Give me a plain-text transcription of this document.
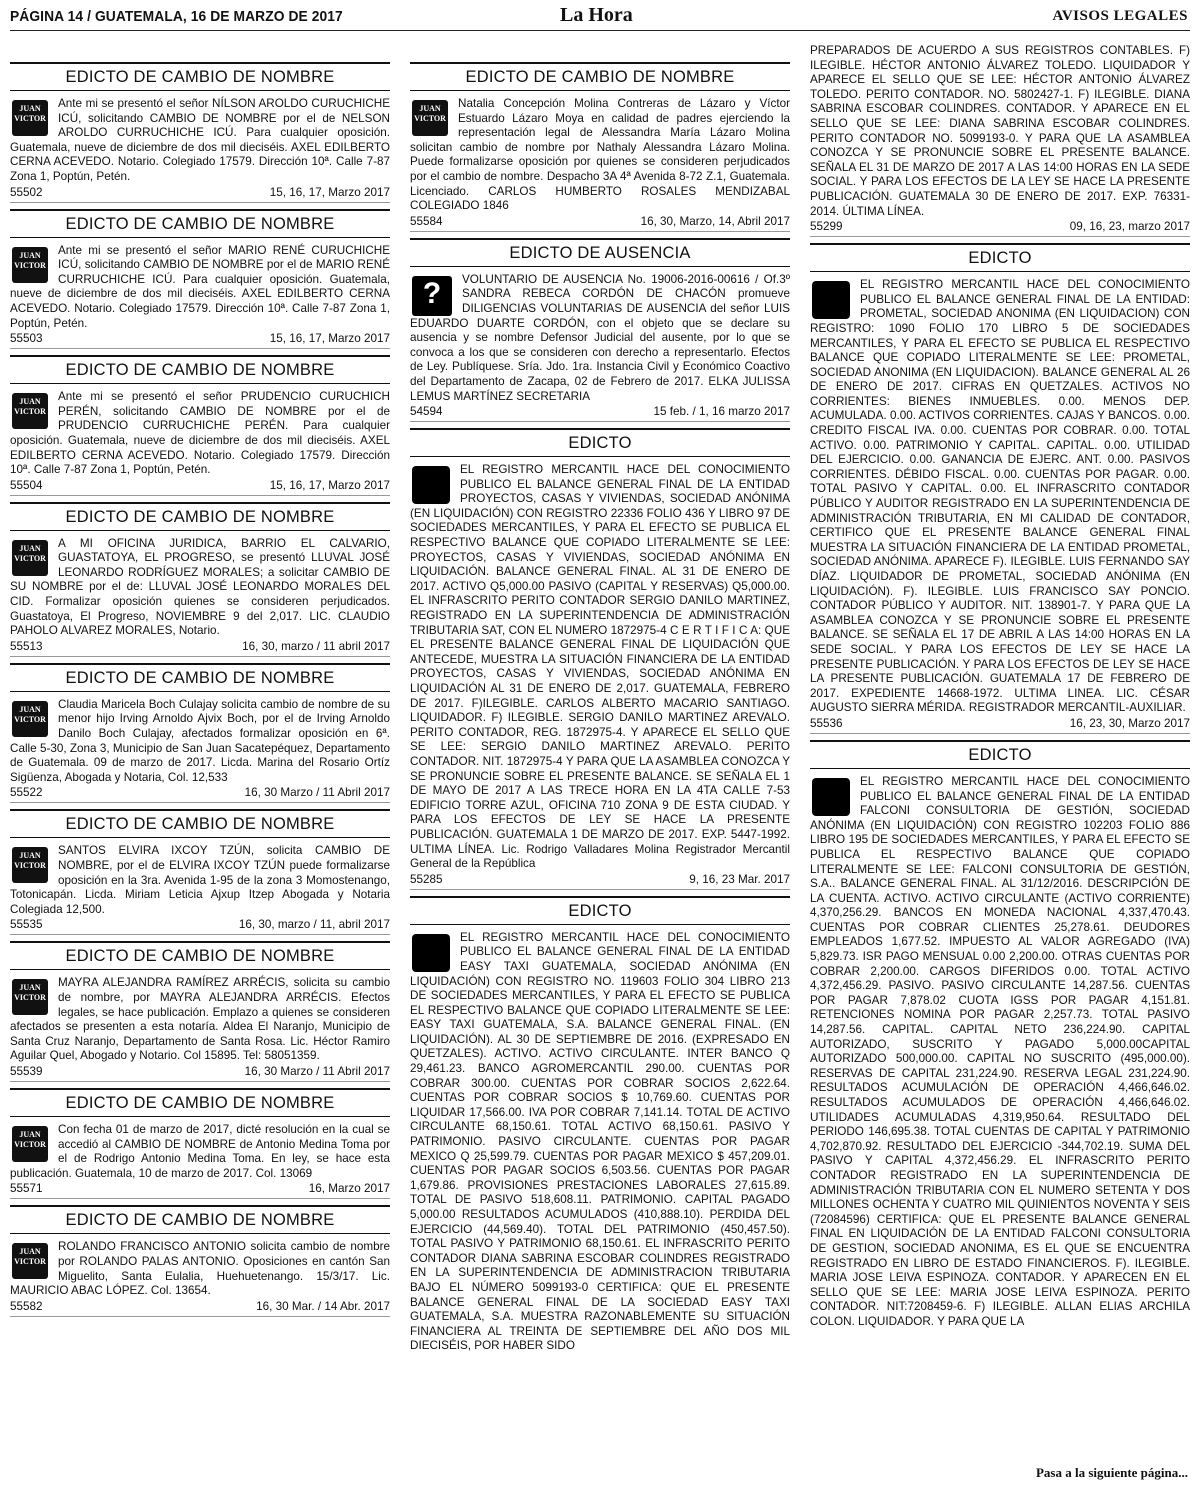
PÁGINA 14 / GUATEMALA, 16 DE MARZO DE 2017	La Hora	AVISOS LEGALES
EDICTO DE CAMBIO DE NOMBRE
JUAN
VICTOR
Ante mi se presentó el señor NÍLSON AROLDO CURUCHICHE ICÚ, solicitando CAMBIO DE NOMBRE por el de NELSON AROLDO CURRUCHICHE ICÚ. Para cualquier oposición. Guatemala, nueve de diciembre de dos mil dieciséis. AXEL EDILBERTO CERNA ACEVEDO. Notario. Colegiado 17579. Dirección 10ª. Calle 7-87 Zona 1, Poptún, Petén.
55502	15, 16, 17, Marzo 2017
EDICTO DE CAMBIO DE NOMBRE
JUAN
VICTOR
Ante mi se presentó el señor MARIO RENÉ CURUCHICHE ICÚ, solicitando CAMBIO DE NOMBRE por el de MARIO RENÉ CURRUCHICHE ICÚ. Para cualquier oposición. Guatemala, nueve de diciembre de dos mil dieciséis. AXEL EDILBERTO CERNA ACEVEDO. Notario. Colegiado 17579. Dirección 10ª. Calle 7-87 Zona 1, Poptún, Petén.
55503	15, 16, 17, Marzo 2017
EDICTO DE CAMBIO DE NOMBRE
JUAN
VICTOR
Ante mi se presentó el señor PRUDENCIO CURUCHICH PERÉN, solicitando CAMBIO DE NOMBRE por el de PRUDENCIO CURRUCHICHE PERÉN. Para cualquier oposición. Guatemala, nueve de diciembre de dos mil dieciséis. AXEL EDILBERTO CERNA ACEVEDO. Notario. Colegiado 17579. Dirección 10ª. Calle 7-87 Zona 1, Poptún, Petén.
55504	15, 16, 17, Marzo 2017
EDICTO DE CAMBIO DE NOMBRE
JUAN
VICTOR
A MI OFICINA JURIDICA, BARRIO EL CALVARIO, GUASTATOYA, EL PROGRESO, se presentó LLUVAL JOSÉ LEONARDO RODRÍGUEZ MORALES; a solicitar CAMBIO DE SU NOMBRE por el de: LLUVAL JOSÉ LEONARDO MORALES DEL CID. Formalizar oposición quienes se consideren perjudicados. Guastatoya, El Progreso, NOVIEMBRE 9 del 2,017. LIC. CLAUDIO PAHOLO ALVAREZ MORALES, Notario.
55513	16, 30, marzo / 11 abril 2017
EDICTO DE CAMBIO DE NOMBRE
JUAN
VICTOR
Claudia Maricela Boch Culajay solicita cambio de nombre de su menor hijo Irving Arnoldo Ajvix Boch, por el de Irving Arnoldo Danilo Boch Culajay, afectados formalizar oposición en 6ª. Calle 5-30, Zona 3, Municipio de San Juan Sacatepéquez, Departamento de Guatemala. 09 de marzo de 2017. Licda. Marina del Rosario Ortíz Sigüenza, Abogada y Notaria, Col. 12,533
55522	16, 30 Marzo / 11 Abril 2017
EDICTO DE CAMBIO DE NOMBRE
JUAN
VICTOR
SANTOS ELVIRA IXCOY TZÚN, solicita CAMBIO DE NOMBRE, por el de ELVIRA IXCOY TZÚN puede formalizarse oposición en la 3ra. Avenida 1-95 de la zona 3 Momostenango, Totonicapán. Licda. Miriam Leticia Ajxup Itzep Abogada y Notaria Colegiada 12,500.
55535	16, 30, marzo / 11, abril 2017
EDICTO DE CAMBIO DE NOMBRE
JUAN
VICTOR
MAYRA ALEJANDRA RAMÍREZ ARRÉCIS, solicita su cambio de nombre, por MAYRA ALEJANDRA ARRÉCIS. Efectos legales, se hace publicación. Emplazo a quienes se consideren afectados se presenten a esta notaría. Aldea El Naranjo, Municipio de Santa Cruz Naranjo, Departamento de Santa Rosa. Lic. Héctor Ramiro Aguilar Quel, Abogado y Notario. Col 15895. Tel: 58051359.
55539	16, 30 Marzo / 11 Abril 2017
EDICTO DE CAMBIO DE NOMBRE
JUAN
VICTOR
Con fecha 01 de marzo de 2017, dicté resolución en la cual se accedió al CAMBIO DE NOMBRE de Antonio Medina Toma por el de Rodrigo Antonio Medina Toma. En ley, se hace esta publicación. Guatemala, 10 de marzo de 2017. Col. 13069
55571	16, Marzo 2017
EDICTO DE CAMBIO DE NOMBRE
JUAN
VICTOR
ROLANDO FRANCISCO ANTONIO solicita cambio de nombre por ROLANDO PALAS ANTONIO. Oposiciones en cantón San Miguelito, Santa Eulalia, Huehuetenango. 15/3/17. Lic. MAURICIO ABAC LÓPEZ. Col. 13654.
55582	16, 30 Mar. / 14 Abr. 2017
EDICTO DE CAMBIO DE NOMBRE
JUAN
VICTOR
Natalia Concepción Molina Contreras de Lázaro y Víctor Estuardo Lázaro Moya en calidad de padres ejerciendo la representación legal de Alessandra María Lázaro Molina solicitan cambio de nombre por Nathaly Alessandra Lázaro Molina. Puede formalizarse oposición por quienes se consideren perjudicados por el cambio de nombre. Despacho 3A 4ª Avenida 8-72 Z.1, Guatemala. Licenciado. CARLOS HUMBERTO ROSALES MENDIZABAL COLEGIADO 1846
55584	16, 30, Marzo, 14, Abril 2017
EDICTO DE AUSENCIA
?	VOLUNTARIO DE AUSENCIA No. 19006-2016-00616 / Of.3º SANDRA REBECA CORDÓN DE CHACÓN promueve DILIGENCIAS VOLUNTARIAS DE AUSENCIA del señor LUIS EDUARDO DUARTE CORDÓN, con el objeto que se declare su ausencia y se nombre Defensor Judicial del ausente, por lo que se convoca a los que se consideren con derecho a representarlo. Efectos de Ley. Publíquese. Sría. Jdo. 1ra. Instancia Civil y Económico Coactivo del Departamento de Zacapa, 02 de Febrero de 2017. ELKA JULISSA LEMUS MARTÍNEZ SECRETARIA
54594	15 feb. / 1, 16 marzo 2017
EDICTO
EL REGISTRO MERCANTIL HACE DEL CONOCIMIENTO PUBLICO EL BALANCE GENERAL FINAL DE LA ENTIDAD PROYECTOS, CASAS Y VIVIENDAS, SOCIEDAD ANÓNIMA (EN LIQUIDACIÓN) CON REGISTRO 22336 FOLIO 436 Y LIBRO 97 DE SOCIEDADES MERCANTILES, Y PARA EL EFECTO SE PUBLICA EL RESPECTIVO BALANCE QUE COPIADO LITERALMENTE SE LEE: PROYECTOS, CASAS Y VIVIENDAS, SOCIEDAD ANÓNIMA EN LIQUIDACIÓN. BALANCE GENERAL FINAL. AL 31 DE ENERO DE 2017. ACTIVO Q5,000.00 PASIVO (CAPITAL Y RESERVAS) Q5,000.00. EL INFRASCRITO PERITO CONTADOR SERGIO DANILO MARTINEZ, REGISTRADO EN LA SUPERINTENDENCIA DE ADMINISTRACIÓN TRIBUTARIA SAT, CON EL NUMERO 1872975-4 C E R T I F I C A: QUE EL PRESENTE BALANCE GENERAL FINAL DE LIQUIDACIÓN QUE ANTECEDE, MUESTRA LA SITUACIÓN FINANCIERA DE LA ENTIDAD PROYECTOS, CASAS Y VIVIENDAS, SOCIEDAD ANÓNIMA EN LIQUIDACIÓN AL 31 DE ENERO DE 2,017. GUATEMALA, FEBRERO DE 2017. F)ILEGIBLE. CARLOS ALBERTO MACARIO SANTIAGO. LIQUIDADOR. F) ILEGIBLE. SERGIO DANILO MARTINEZ AREVALO. PERITO CONTADOR, REG. 1872975-4. Y APARECE EL SELLO QUE SE LEE: SERGIO DANILO MARTINEZ AREVALO. PERITO CONTADOR. NIT. 1872975-4 Y PARA QUE LA ASAMBLEA CONOZCA Y SE PRONUNCIE SOBRE EL PRESENTE BALANCE. SE SEÑALA EL 1 DE MAYO DE 2017 A LAS TRECE HORA EN LA 4TA CALLE 7-53 EDIFICIO TORRE AZUL, OFICINA 710 ZONA 9 DE ESTA CIUDAD. Y PARA LOS EFECTOS DE LEY SE HACE LA PRESENTE PUBLICACIÓN. GUATEMALA 1 DE MARZO DE 2017. EXP. 5447-1992. ULTIMA LÍNEA. Lic. Rodrigo Valladares Molina Registrador Mercantil General de la República
55285	9, 16, 23 Mar. 2017
EDICTO
EL REGISTRO MERCANTIL HACE DEL CONOCIMIENTO PUBLICO EL BALANCE GENERAL FINAL DE LA ENTIDAD EASY TAXI GUATEMALA, SOCIEDAD ANÓNIMA (EN LIQUIDACIÓN) CON REGISTRO NO. 119603 FOLIO 304 LIBRO 213 DE SOCIEDADES MERCANTILES, Y PARA EL EFECTO SE PUBLICA EL RESPECTIVO BALANCE QUE COPIADO LITERALMENTE SE LEE: EASY TAXI GUATEMALA, S.A. BALANCE GENERAL FINAL. (EN LIQUIDACIÓN). AL 30 DE SEPTIEMBRE DE 2016. (EXPRESADO EN QUETZALES). ACTIVO. ACTIVO CIRCULANTE. INTER BANCO Q 29,461.23. BANCO AGROMERCANTIL 290.00. CUENTAS POR COBRAR 300.00. CUENTAS POR COBRAR SOCIOS 2,622.64. CUENTAS POR COBRAR SOCIOS $ 10,769.60. CUENTAS POR LIQUIDAR 17,566.00. IVA POR COBRAR 7,141.14. TOTAL DE ACTIVO CIRCULANTE 68,150.61. TOTAL ACTIVO 68,150.61. PASIVO Y PATRIMONIO. PASIVO CIRCULANTE. CUENTAS POR PAGAR MEXICO Q 25,599.79. CUENTAS POR PAGAR MEXICO $ 457,209.01. CUENTAS POR PAGAR SOCIOS 6,503.56. CUENTAS POR PAGAR 1,679.86. PROVISIONES PRESTACIONES LABORALES 27,615.89. TOTAL DE PASIVO 518,608.11. PATRIMONIO. CAPITAL PAGADO 5,000.00 RESULTADOS ACUMULADOS (410,888.10). PERDIDA DEL EJERCICIO (44,569.40). TOTAL DEL PATRIMONIO (450,457.50). TOTAL PASIVO Y PATRIMONIO 68,150.61. EL INFRASCRITO PERITO CONTADOR DIANA SABRINA ESCOBAR COLINDRES REGISTRADO EN LA SUPERINTENDENCIA DE ADMINISTRACION TRIBUTARIA BAJO EL NÚMERO 5099193-0 CERTIFICA: QUE EL PRESENTE BALANCE GENERAL FINAL DE LA SOCIEDAD EASY TAXI GUATEMALA, S.A. MUESTRA RAZONABLEMENTE SU SITUACIÓN FINANCIERA AL TREINTA DE SEPTIEMBRE DEL AÑO DOS MIL DIECISÉIS, POR HABER SIDO
PREPARADOS DE ACUERDO A SUS REGISTROS CONTABLES. F) ILEGIBLE. HÉCTOR ANTONIO ÁLVAREZ TOLEDO. LIQUIDADOR Y APARECE EL SELLO QUE SE LEE: HÉCTOR ANTONIO ÁLVAREZ TOLEDO. PERITO CONTADOR. NO. 5802427-1. F) ILEGIBLE. DIANA SABRINA ESCOBAR COLINDRES. CONTADOR. Y APARECE EN EL SELLO QUE SE LEE: DIANA SABRINA ESCOBAR COLINDRES. PERITO CONTADOR NO. 5099193-0. Y PARA QUE LA ASAMBLEA CONOZCA Y SE PRONUNCIE SOBRE EL PRESENTE BALANCE. SEÑALA EL 31 DE MARZO DE 2017 A LAS 14:00 HORAS EN LA SEDE SOCIAL. Y PARA LOS EFECTOS DE LA LEY SE HACE LA PRESENTE PUBLICACIÓN. GUATEMALA 30 DE ENERO DE 2017. EXP. 76331-2014. ÚLTIMA LÍNEA.
55299	09, 16, 23, marzo 2017
EDICTO
EL REGISTRO MERCANTIL HACE DEL CONOCIMIENTO PUBLICO EL BALANCE GENERAL FINAL DE LA ENTIDAD: PROMETAL, SOCIEDAD ANONIMA (EN LIQUIDACION) CON REGISTRO: 1090 FOLIO 170 LIBRO 5 DE SOCIEDADES MERCANTILES, Y PARA EL EFECTO SE PUBLICA EL RESPECTIVO BALANCE QUE COPIADO LITERALMENTE SE LEE: PROMETAL, SOCIEDAD ANONIMA (EN LIQUIDACION). BALANCE GENERAL AL 26 DE ENERO DE 2017. CIFRAS EN QUETZALES. ACTIVOS NO CORRIENTES: BIENES INMUEBLES. 0.00. MENOS DEP. ACUMULADA. 0.00. ACTIVOS CORRIENTES. CAJAS Y BANCOS. 0.00. CREDITO FISCAL IVA. 0.00. CUENTAS POR COBRAR. 0.00. TOTAL ACTIVO. 0.00. PATRIMONIO Y CAPITAL. CAPITAL. 0.00. UTILIDAD DEL EJERCICIO. 0.00. GANANCIA DE EJERC. ANT. 0.00. PASIVOS CORRIENTES. DÉBIDO FISCAL. 0.00. CUENTAS POR PAGAR. 0.00. TOTAL PASIVO Y CAPITAL. 0.00. EL INFRASCRITO CONTADOR PÚBLICO Y AUDITOR REGISTRADO EN LA SUPERINTENDENCIA DE ADMINISTRACIÓN TRIBUTARIA, EN MI CALIDAD DE CONTADOR, CERTIFICO QUE EL PRESENTE BALANCE GENERAL FINAL MUESTRA LA SITUACIÓN FINANCIERA DE LA ENTIDAD PROMETAL, SOCIEDAD ANÓNIMA. APARECE F). ILEGIBLE. LUIS FERNANDO SAY DÍAZ. LIQUIDADOR DE PROMETAL, SOCIEDAD ANÓNIMA (EN LIQUIDACIÓN). F). ILEGIBLE. LUIS FRANCISCO SAY PONCIO. CONTADOR PÚBLICO Y AUDITOR. NIT. 138901-7. Y PARA QUE LA ASAMBLEA CONOZCA Y SE PRONUNCIE SOBRE EL PRESENTE BALANCE. SE SEÑALA EL 17 DE ABRIL A LAS 14:00 HORAS EN LA SEDE SOCIAL. Y PARA LOS EFECTOS DE LEY SE HACE LA PRESENTE PUBLICACIÓN. Y PARA LOS EFECTOS DE LEY SE HACE LA PRESENTE PUBLICACIÓN. GUATEMALA 17 DE FEBRERO DE 2017. EXPEDIENTE 14668-1972. ULTIMA LINEA. LIC. CÉSAR AUGUSTO SIERRA MÉRIDA. REGISTRADOR MERCANTIL-AUXILIAR.
55536	16, 23, 30, Marzo 2017
EDICTO
EL REGISTRO MERCANTIL HACE DEL CONOCIMIENTO PUBLICO EL BALANCE GENERAL FINAL DE LA ENTIDAD FALCONI CONSULTORIA DE GESTIÓN, SOCIEDAD ANÓNIMA (EN LIQUIDACIÓN) CON REGISTRO 102203 FOLIO 886 LIBRO 195 DE SOCIEDADES MERCANTILES, Y PARA EL EFECTO SE PUBLICA EL RESPECTIVO BALANCE QUE COPIADO LITERALMENTE SE LEE: FALCONI CONSULTORIA DE GESTIÓN, S.A.. BALANCE GENERAL FINAL. AL 31/12/2016. DESCRIPCIÓN DE LA CUENTA. ACTIVO. ACTIVO CIRCULANTE (ACTIVO CORRIENTE) 4,370,256.29. BANCOS EN MONEDA NACIONAL 4,337,470.43. CUENTAS POR COBRAR CLIENTES 25,278.61. DEUDORES EMPLEADOS 1,677.52. IMPUESTO AL VALOR AGREGADO (IVA) 5,829.73. ISR PAGO MENSUAL 0.00 2,200.00. OTRAS CUENTAS POR COBRAR 2,200.00. CARGOS DIFERIDOS 0.00. TOTAL ACTIVO 4,372,456.29. PASIVO. PASIVO CIRCULANTE 14,287.56. CUENTAS POR PAGAR 7,878.02 CUOTA IGSS POR PAGAR 4,151.81. RETENCIONES NOMINA POR PAGAR 2,257.73. TOTAL PASIVO 14,287.56. CAPITAL. CAPITAL NETO 236,224.90. CAPITAL AUTORIZADO, SUSCRITO Y PAGADO 5,000.00CAPITAL AUTORIZADO 500,000.00. CAPITAL NO SUSCRITO (495,000.00). RESERVAS DE CAPITAL 231,224.90. RESERVA LEGAL 231,224.90. RESULTADOS ACUMULACIÓN DE OPERACIÓN 4,466,646.02. RESULTADOS ACUMULADOS DE OPERACIÓN 4,466,646.02. UTILIDADES ACUMULADAS 4,319,950.64. RESULTADO DEL PERIODO 146,695.38. TOTAL CUENTAS DE CAPITAL Y PATRIMONIO 4,702,870.92. RESULTADO DEL EJERCICIO -344,702.19. SUMA DEL PASIVO Y CAPITAL 4,372,456.29. EL INFRASCRITO PERITO CONTADOR REGISTRADO EN LA SUPERINTENDENCIA DE ADMINISTRACIÓN TRIBUTARIA CON EL NUMERO SETENTA Y DOS MILLONES OCHENTA Y CUATRO MIL QUINIENTOS NOVENTA Y SEIS (72084596) CERTIFICA: QUE EL PRESENTE BALANCE GENERAL FINAL EN LIQUIDACIÓN DE LA ENTIDAD FALCONI CONSULTORIA DE GESTION, SOCIEDAD ANONIMA, ES EL QUE SE ENCUENTRA REGISTRADO EN LIBRO DE ESTADO FINANCIEROS. F). ILEGIBLE. MARIA JOSE LEIVA ESPINOZA. CONTADOR. Y APARECEN EN EL SELLO QUE SE LEE: MARIA JOSE LEIVA ESPINOZA. PERITO CONTADOR. NIT:7208459-6. F) ILEGIBLE. ALLAN ELIAS ARCHILA COLON. LIQUIDADOR. Y PARA QUE LA
Pasa a la siguiente página...
